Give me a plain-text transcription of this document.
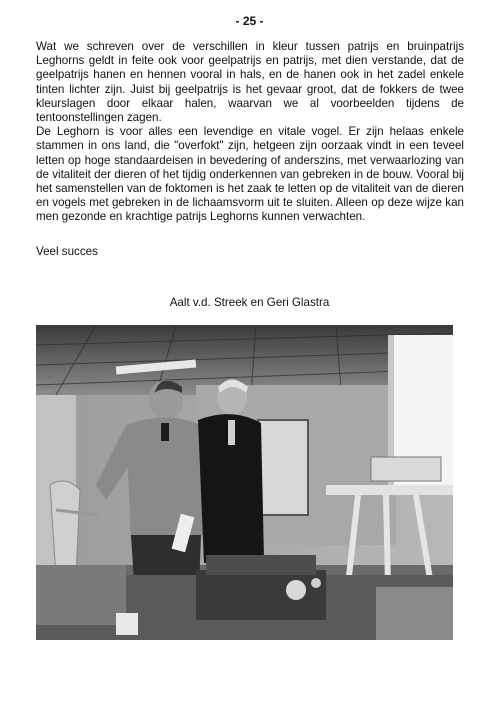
- 25 -

Wat we schreven over de verschillen in kleur tussen patrijs en bruinpatrijs Leghorns geldt in feite ook voor geelpatrijs en patrijs, met dien verstande, dat de geelpatrijs hanen en hennen vooral in hals, en de hanen ook in het zadel enkele tinten lichter zijn. Juist bij geelpatrijs is het gevaar groot, dat de fokkers de twee kleurslagen door elkaar halen, waarvan we al voorbeelden tijdens de tentoonstellingen zagen.

De Leghorn is voor alles een levendige en vitale vogel. Er zijn helaas enkele stammen in ons land, die "overfokt" zijn, hetgeen zijn oorzaak vindt in een teveel letten op hoge standaardeisen in bevedering of anderszins, met verwaarlozing van de vitaliteit der dieren of het tijdig onderkennen van gebreken in de bouw. Vooral bij het samenstellen van de foktomen is het zaak te letten op de vitaliteit van de dieren en vogels met gebreken in de lichaamsvorm uit te sluiten. Alleen op deze wijze kan men gezonde en krachtige patrijs Leghorns kunnen verwachten.

Veel succes
Aalt v.d. Streek en Geri Glastra
